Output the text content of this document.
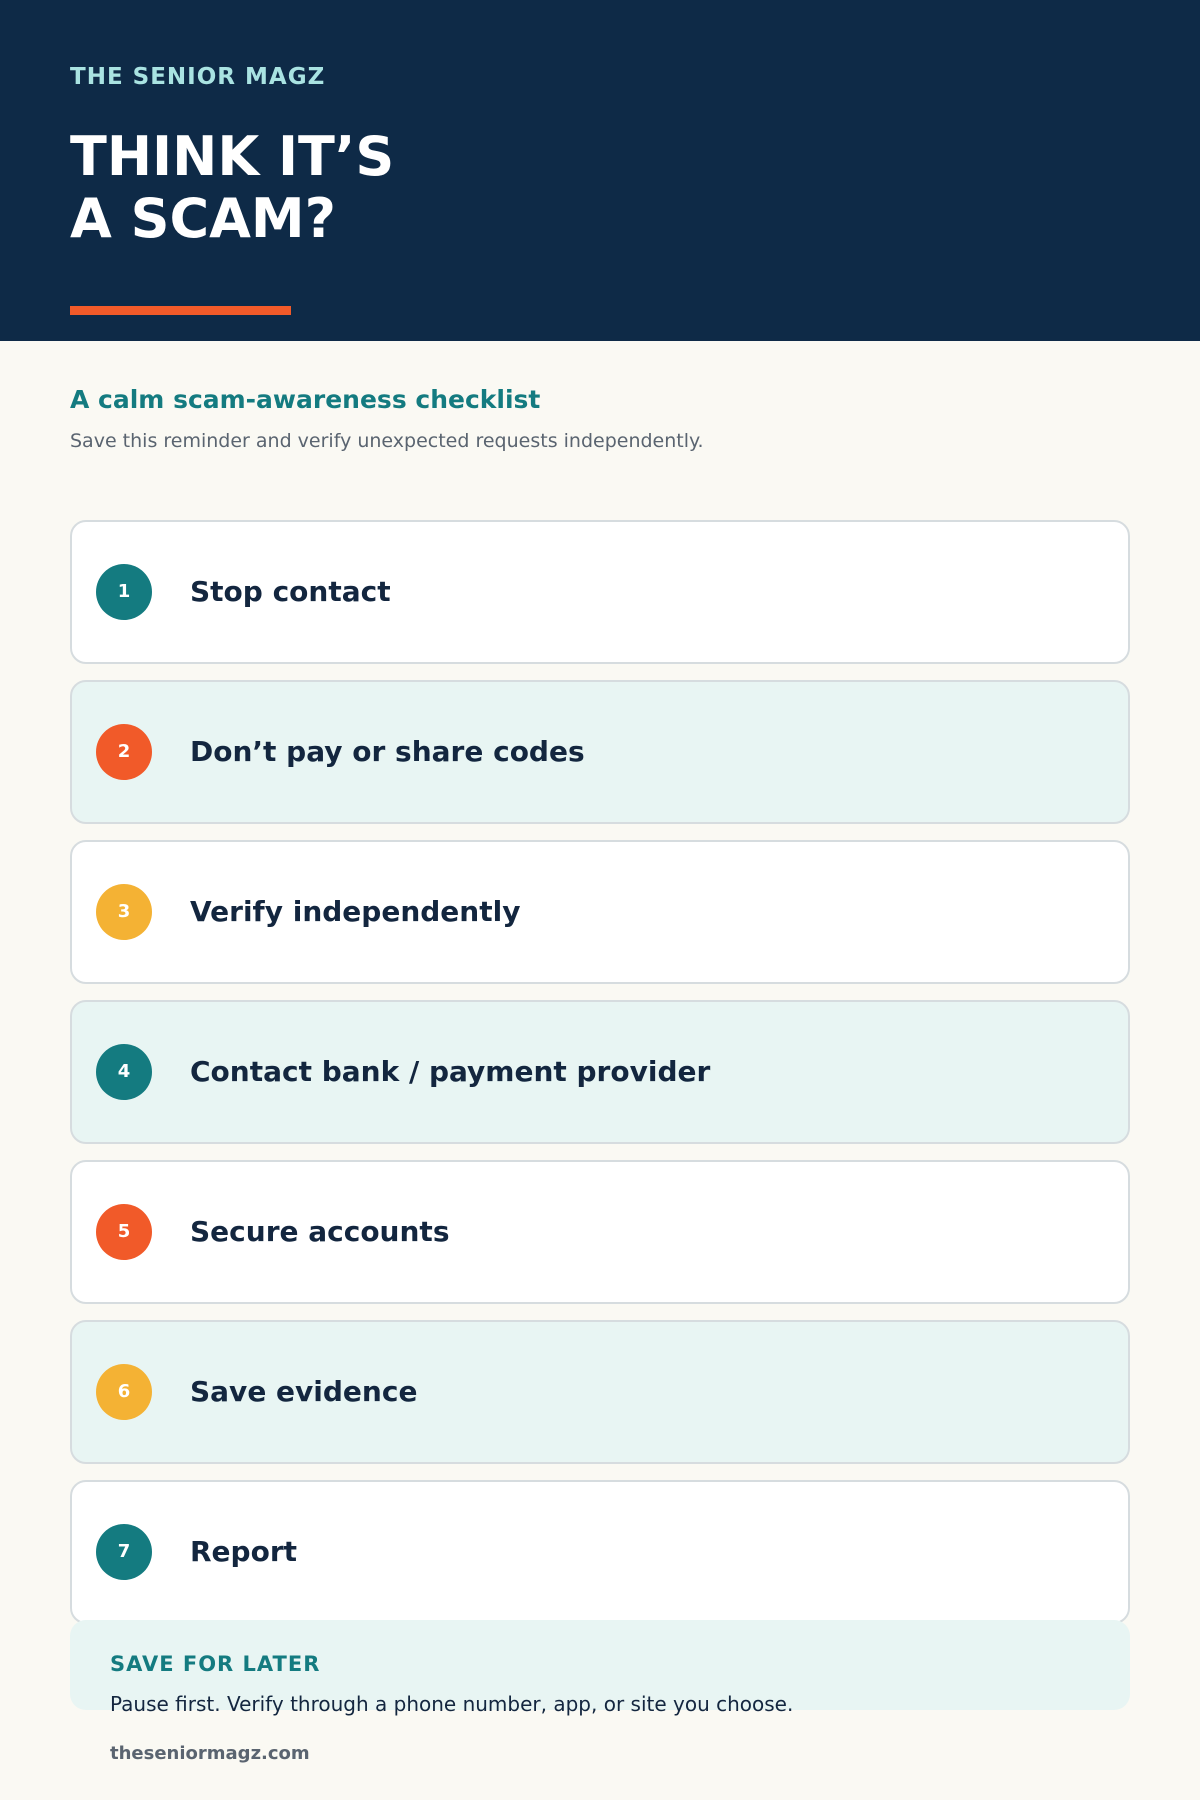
THE SENIOR MAGZ
THINK IT’S
A SCAM?
A calm scam-awareness checklist
Save this reminder and verify unexpected requests independently.
1	Stop contact
2	Don’t pay or share codes
3	Verify independently
4	Contact bank / payment provider
5	Secure accounts
6	Save evidence
7	Report
SAVE FOR LATER
Pause first. Verify through a phone number, app, or site you choose.
theseniormagz.com
